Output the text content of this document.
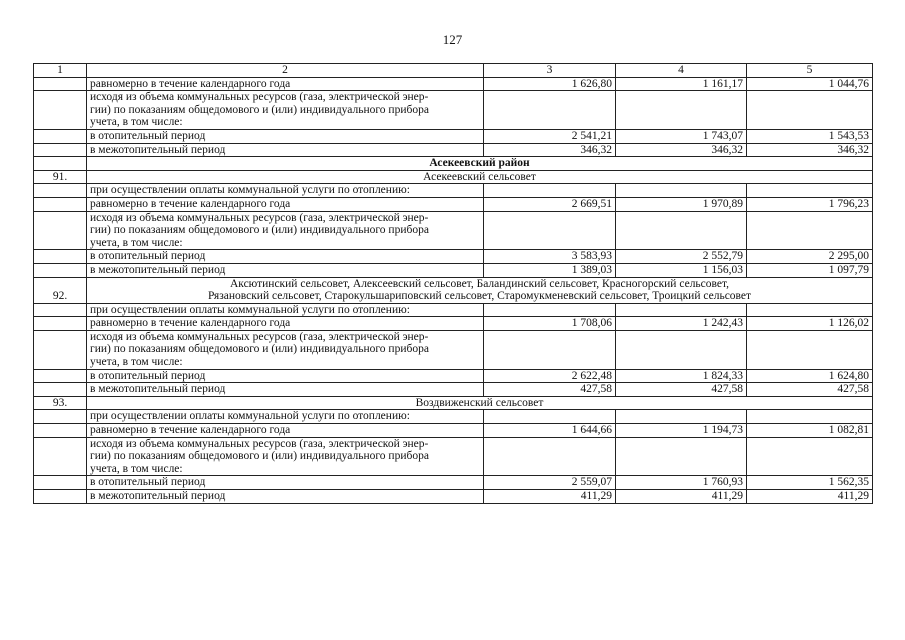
127
1	2	3	4	5
	равномерно в течение календарного года	1 626,80	1 161,17	1 044,76

	исходя из объема коммунальных ресурсов (газа, электрической энер-
гии) по показаниям общедомового и (или) индивидуального прибора
учета, в том числе:			

	в отопительный период	2 541,21	1 743,07	1 543,53
	в межотопительный период	346,32	346,32	346,32
	Асекеевский район			
91.	Асекеевский сельсовет			

	при осуществлении оплаты коммунальной услуги по отоплению:			
	равномерно в течение календарного года	2 669,51	1 970,89	1 796,23

	исходя из объема коммунальных ресурсов (газа, электрической энер-
гии) по показаниям общедомового и (или) индивидуального прибора
учета, в том числе:			

	в отопительный период	3 583,93	2 552,79	2 295,00
	в межотопительный период	1 389,03	1 156,03	1 097,79
92.	Аксютинский сельсовет, Алексеевский сельсовет, Баландинский сельсовет, Красногорский сельсовет,
Рязановский сельсовет, Старокульшариповский сельсовет, Старомукменевский сельсовет, Троицкий сельсовет			

	при осуществлении оплаты коммунальной услуги по отоплению:			
	равномерно в течение календарного года	1 708,06	1 242,43	1 126,02

	исходя из объема коммунальных ресурсов (газа, электрической энер-
гии) по показаниям общедомового и (или) индивидуального прибора
учета, в том числе:			

	в отопительный период	2 622,48	1 824,33	1 624,80
	в межотопительный период	427,58	427,58	427,58
93.	Воздвиженский сельсовет			

	при осуществлении оплаты коммунальной услуги по отоплению:			
	равномерно в течение календарного года	1 644,66	1 194,73	1 082,81

	исходя из объема коммунальных ресурсов (газа, электрической энер-
гии) по показаниям общедомового и (или) индивидуального прибора
учета, в том числе:			

	в отопительный период	2 559,07	1 760,93	1 562,35
	в межотопительный период	411,29	411,29	411,29
